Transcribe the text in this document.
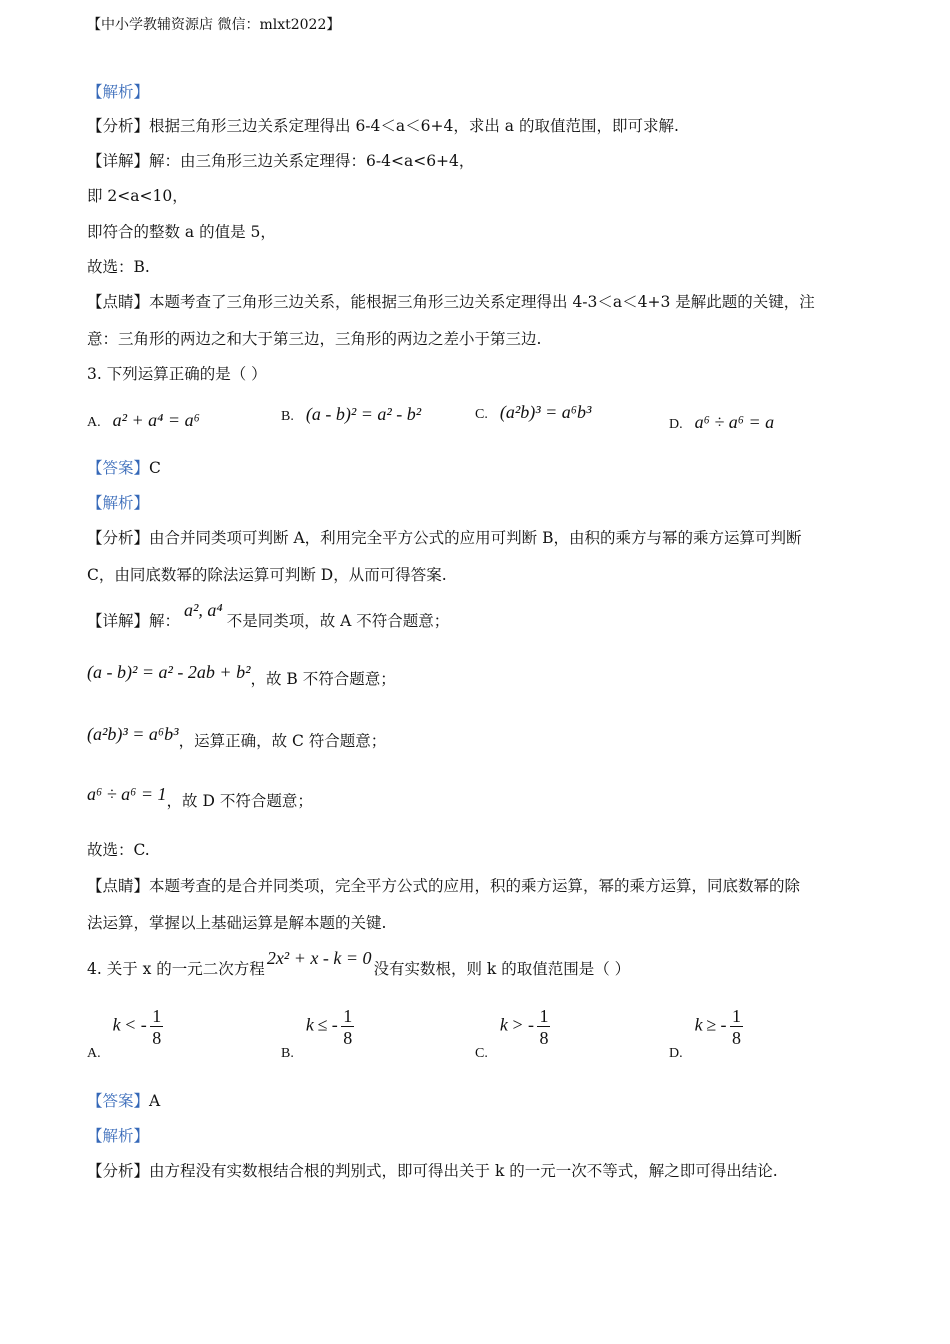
【中小学教辅资源店 微信：mlxt2022】
【解析】
【分析】根据三角形三边关系定理得出 6-4＜a＜6+4，求出 a 的取值范围，即可求解.
【详解】解：由三角形三边关系定理得：6-4<a<6+4，
即 2<a<10，
即符合的整数 a 的值是 5，
故选：B.
【点睛】本题考查了三角形三边关系，能根据三角形三边关系定理得出 4-3＜a＜4+3 是解此题的关键，注
意：三角形的两边之和大于第三边，三角形的两边之差小于第三边.
3. 下列运算正确的是（ ）
A. a² + a⁴ = a⁶	B. (a - b)² = a² - b²	C. (a²b)³ = a⁶b³
D. a⁶ ÷ a⁶ = a
【答案】C
【解析】
【分析】由合并同类项可判断 A，利用完全平方公式的应用可判断 B，由积的乘方与幂的乘方运算可判断
C，由同底数幂的除法运算可判断 D，从而可得答案.
【详解】解：a², a⁴不是同类项，故 A 不符合题意；
(a - b)² = a² - 2ab + b²，故 B 不符合题意；
(a²b)³ = a⁶b³，运算正确，故 C 符合题意；
a⁶ ÷ a⁶ = 1，故 D 不符合题意；
故选：C.
【点睛】本题考查的是合并同类项，完全平方公式的应用，积的乘方运算，幂的乘方运算，同底数幂的除
法运算，掌握以上基础运算是解本题的关键.
4. 关于 x 的一元二次方程2x² + x - k = 0没有实数根，则 k 的取值范围是（ ）
A.k < - $\frac{1}{8}$
B.k ≤ - $\frac{1}{8}$
C.k > - $\frac{1}{8}$
D.k ≥ - $\frac{1}{8}$
【答案】A
【解析】
【分析】由方程没有实数根结合根的判别式，即可得出关于 k 的一元一次不等式，解之即可得出结论.
